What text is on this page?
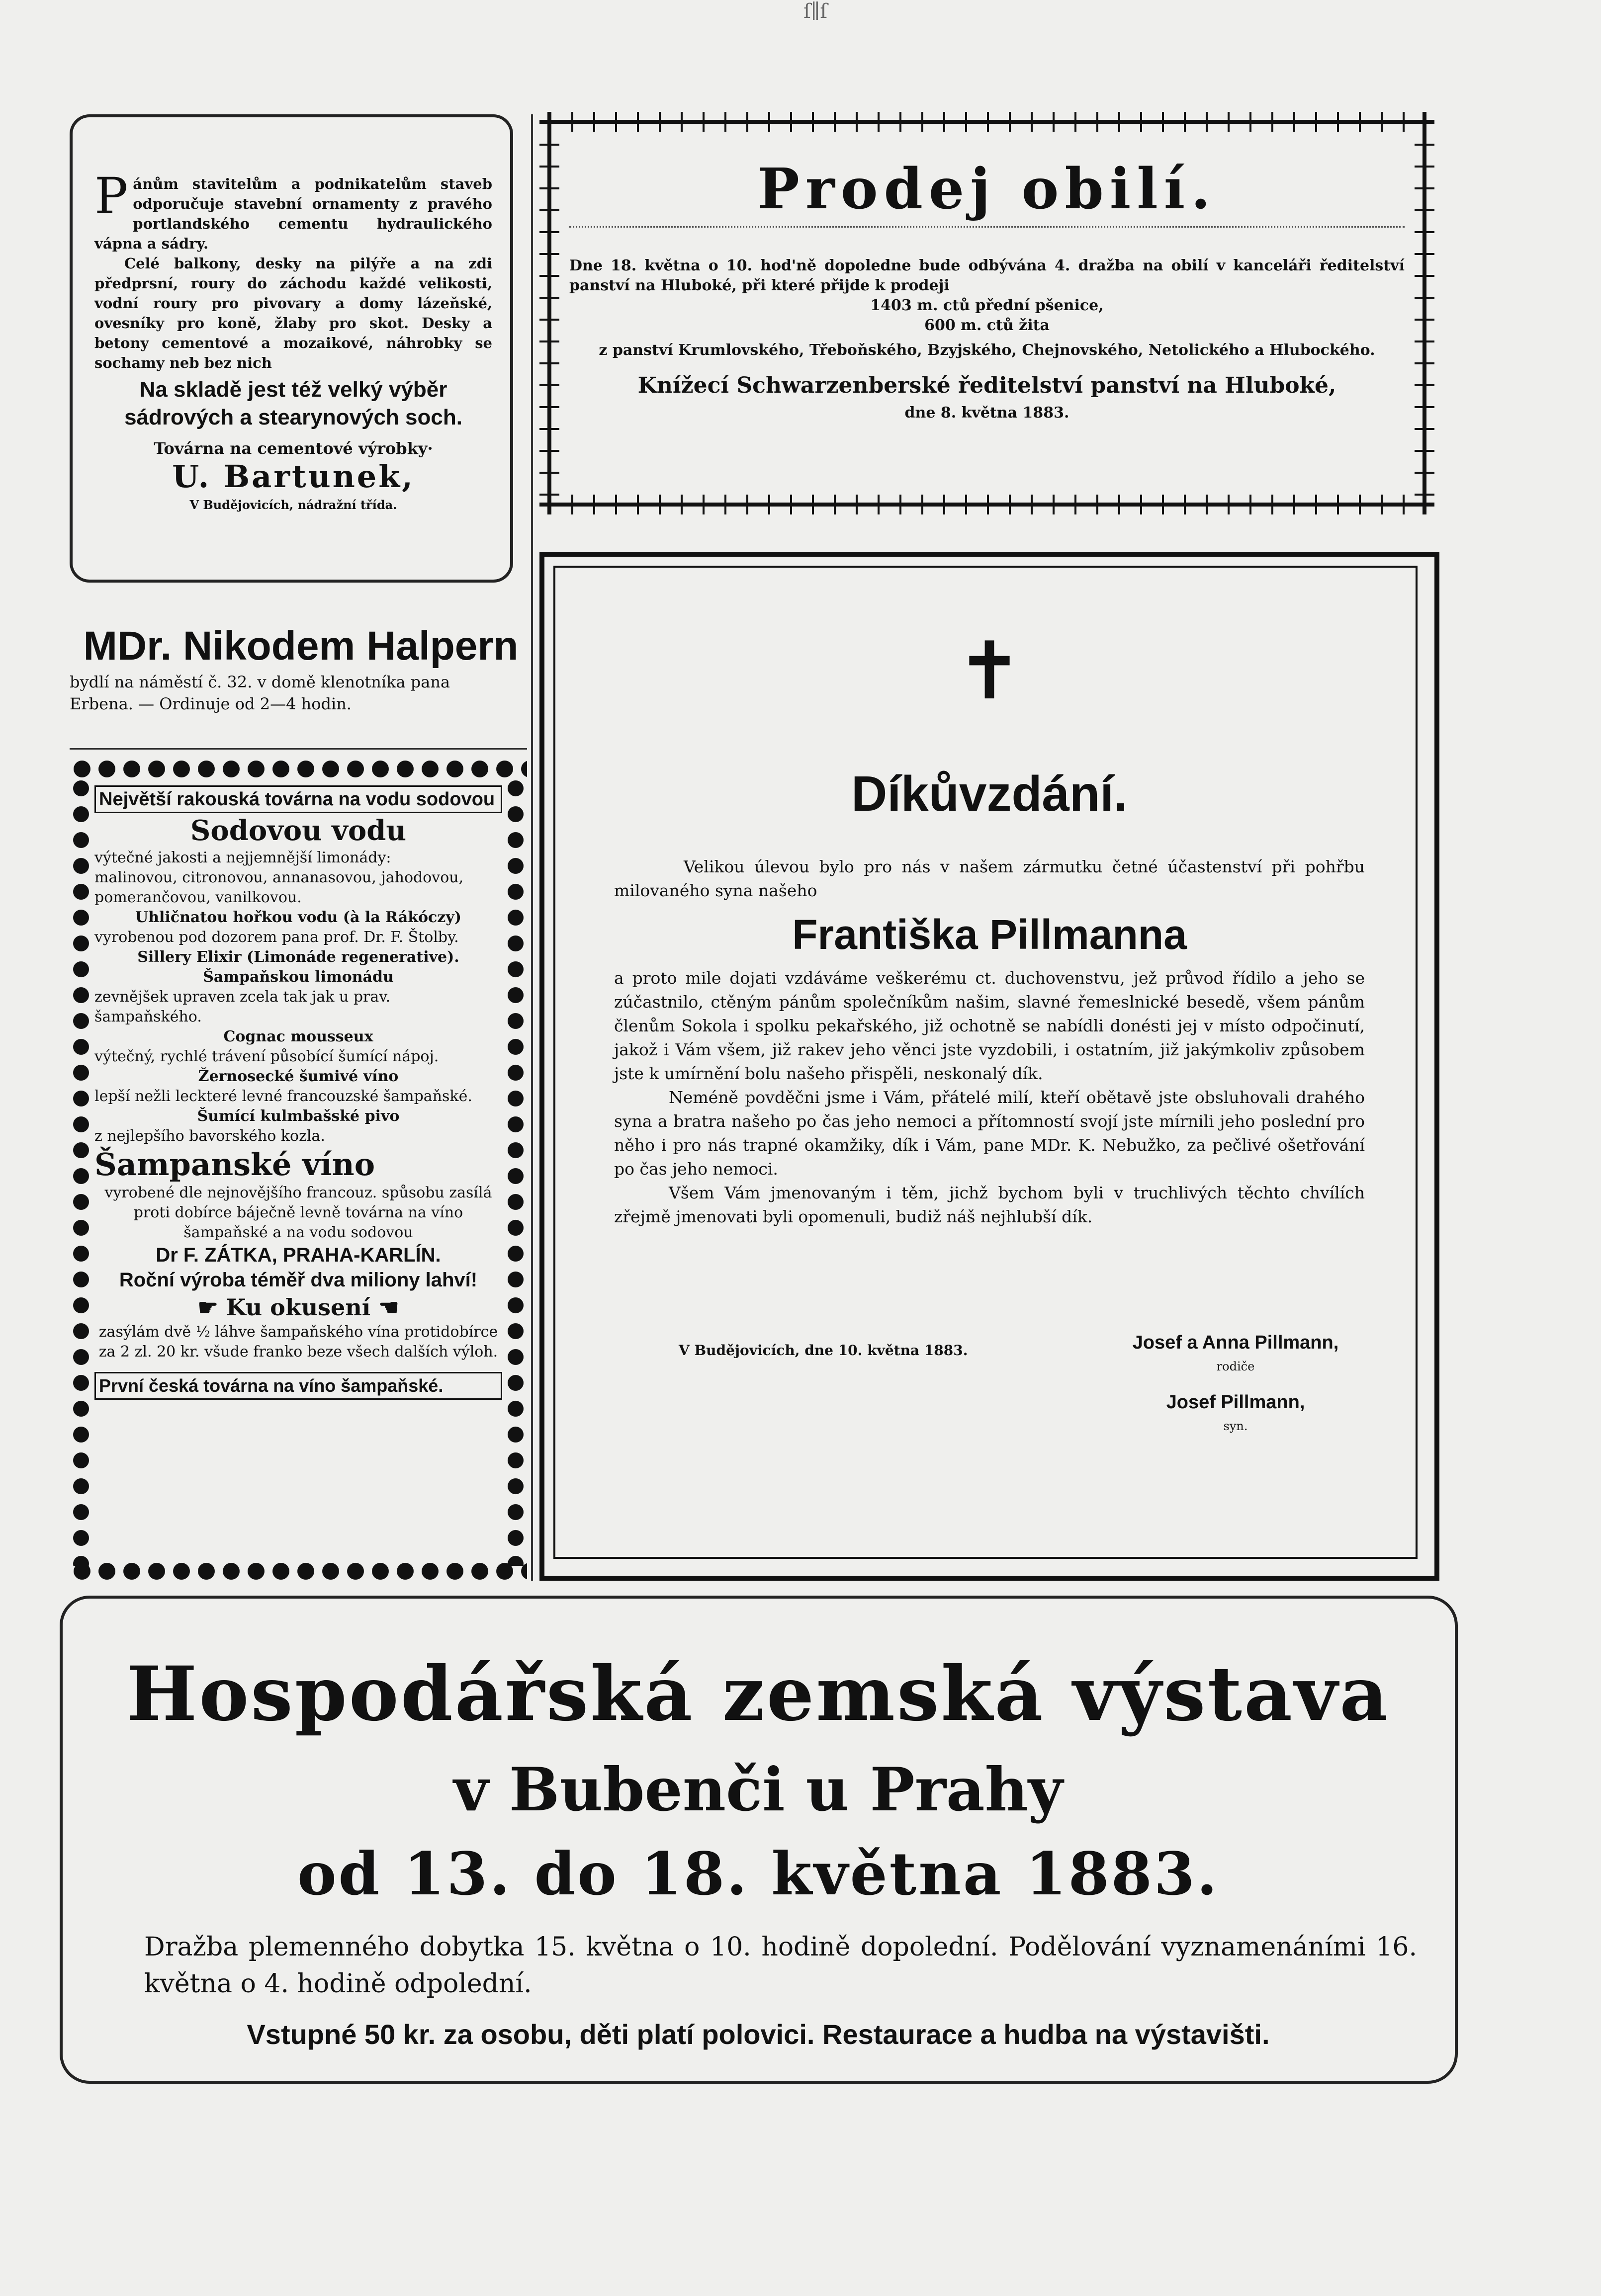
ſ∥ſ
P ánům stavitelům a podnikatelům staveb odporučuje stavební ornamenty z pravého portlandského cementu hydraulického vápna a sádry.
Celé balkony, desky na pilýře a na zdi předprsní, roury do záchodu každé velikosti, vodní roury pro pivovary a domy lázeňské, ovesníky pro koně, žlaby pro skot. Desky a betony cementové a mozaikové, náhrobky se sochamy neb bez nich
Na skladě jest též velký výběr sádrových a stearynových soch.
Továrna na cementové výrobky·
U. Bartunek,
V Budějovicích, nádražní třída.
MDr. Nikodem Halpern
bydlí na náměstí č. 32. v domě klenotníka pana
Erbena. — Ordinuje od 2—4 hodin.
Největší rakouská továrna na vodu sodovou
Sodovou vodu
výtečné jakosti a nejjemnější limonády:
malinovou, citronovou, annanasovou, jahodovou, pomerančovou, vanilkovou.
Uhličnatou hořkou vodu (à la Rákóczy)
vyrobenou pod dozorem pana prof. Dr. F. Štolby.
Sillery Elixir (Limonáde regenerative).
Šampaňskou limonádu
zevnějšek upraven zcela tak jak u prav. šampaňského.
Cognac mousseux
výtečný, rychlé trávení působící šumící nápoj.
Žernosecké šumivé víno
lepší nežli leckteré levné francouzské šampaňské.
Šumící kulmbašské pivo
z nejlepšího bavorského kozla.
Šampanské víno
vyrobené dle nejnovějšího francouz. spůsobu zasílá proti dobírce báječně levně továrna na víno šampaňské a na vodu sodovou
Dr F. ZÁTKA, PRAHA-KARLÍN.
Roční výroba téměř dva miliony lahví!
☛ Ku okusení ☚
zasýlám dvě ½ láhve šampaňského vína protidobírce za 2 zl. 20 kr. všude franko beze všech dalších výloh.
První česká továrna na víno šampaňské.
Prodej obilí.
Dne 18. května o 10. hod'ně dopoledne bude odbývána 4. dražba na obilí v kanceláři ředitelství panství na Hluboké, při které přijde k prodeji
1403 m. ctů přední pšenice,
600 m. ctů žita
z panství Krumlovského, Třeboňského, Bzyjského, Chejnovského, Netolického a Hlubockého.
Knížecí Schwarzenberské ředitelství panství na Hluboké,
dne 8. května 1883.
✝
Díkůvzdání.
Velikou úlevou bylo pro nás v našem zármutku četné účastenství při pohřbu milovaného syna našeho
Františka Pillmanna
a proto mile dojati vzdáváme veškerému ct. duchovenstvu, jež průvod řídilo a jeho se zúčastnilo, ctěným pánům společníkům našim, slavné řemeslnické besedě, všem pánům členům Sokola i spolku pekařského, již ochotně se nabídli donésti jej v místo odpočinutí, jakož i Vám všem, již rakev jeho věnci jste vyzdobili, i ostatním, již jakýmkoliv způsobem jste k umírnění bolu našeho přispěli, neskonalý dík.
Neméně povděčni jsme i Vám, přátelé milí, kteří obětavě jste obsluhovali drahého syna a bratra našeho po čas jeho nemoci a přítomností svojí jste mírnili jeho poslední pro něho i pro nás trapné okamžiky, dík i Vám, pane MDr. K. Nebužko, za pečlivé ošetřování po čas jeho nemoci.
Všem Vám jmenovaným i těm, jichž bychom byli v truchlivých těchto chvílích zřejmě jmenovati byli opomenuli, budiž náš nejhlubší dík.
V Budějovicích, dne 10. května 1883.	Josef a Anna Pillmann,
rodiče
Josef Pillmann,
syn.
Hospodářská zemská výstava
v Bubenči u Prahy
od 13. do 18. května 1883.
Dražba plemenného dobytka 15. května o 10. hodině dopolední. Podělování vyznamenáními 16. května o 4. hodině odpolední.
Vstupné 50 kr. za osobu, děti platí polovici. Restaurace a hudba na výstavišti.
